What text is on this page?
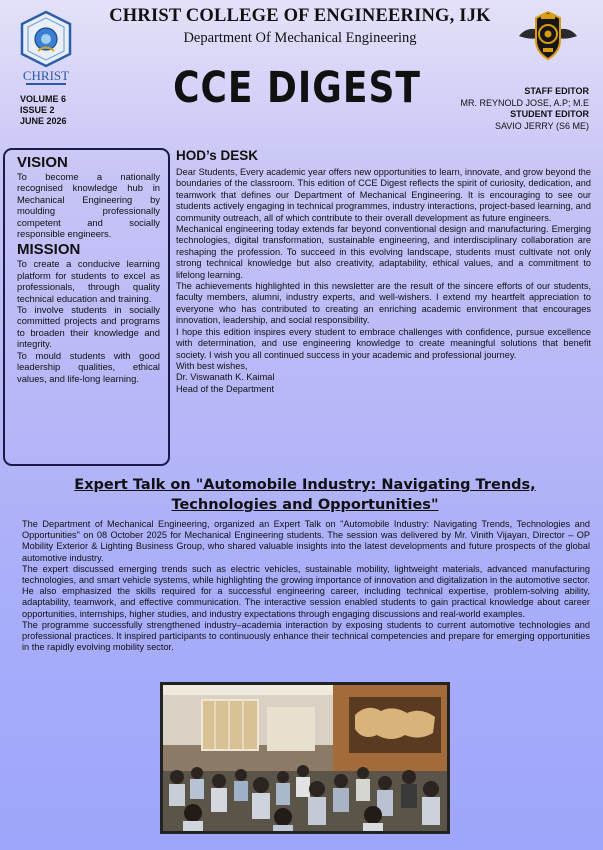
CHRIST
CHRIST COLLEGE OF ENGINEERING, IJK
Department Of Mechanical Engineering
VOLUME 6
ISSUE 2
JUNE 2026
CCE DIGEST	STAFF EDITOR
MR. REYNOLD JOSE, A.P; M.E
STUDENT EDITOR
SAVIO JERRY (S6 ME)
VISION

To become a nationally recognised knowledge hub in Mechanical Engineering by moulding professionally competent and socially responsible engineers.

MISSION

To create a conducive learning platform for students to excel as professionals, through quality technical education and training.

To involve students in socially committed projects and programs to broaden their knowledge and integrity.

To mould students with good leadership qualities, ethical values, and life-long learning.

HOD’s DESK

Dear Students, Every academic year offers new opportunities to learn, innovate, and grow beyond the boundaries of the classroom. This edition of CCE Digest reflects the spirit of curiosity, dedication, and teamwork that defines our Department of Mechanical Engineering. It is encouraging to see our students actively engaging in technical programmes, industry interactions, project-based learning, and community outreach, all of which contribute to their overall development as future engineers.

Mechanical engineering today extends far beyond conventional design and manufacturing. Emerging technologies, digital transformation, sustainable engineering, and interdisciplinary collaboration are reshaping the profession. To succeed in this evolving landscape, students must cultivate not only strong technical knowledge but also creativity, adaptability, ethical values, and a commitment to lifelong learning.

The achievements highlighted in this newsletter are the result of the sincere efforts of our students, faculty members, alumni, industry experts, and well-wishers. I extend my heartfelt appreciation to everyone who has contributed to creating an enriching academic environment that encourages innovation, leadership, and social responsibility.

I hope this edition inspires every student to embrace challenges with confidence, pursue excellence with determination, and use engineering knowledge to create meaningful solutions that benefit society. I wish you all continued success in your academic and professional journey.

With best wishes,

Dr. Viswanath K. Kaimal

Head of the Department

Expert Talk on "Automobile Industry: Navigating Trends, Technologies and Opportunities"

The Department of Mechanical Engineering, organized an Expert Talk on "Automobile Industry: Navigating Trends, Technologies and Opportunities" on 08 October 2025 for Mechanical Engineering students. The session was delivered by Mr. Vinith Vijayan, Director – OP Mobility Exterior & Lighting Business Group, who shared valuable insights into the latest developments and future prospects of the global automotive industry.

The expert discussed emerging trends such as electric vehicles, sustainable mobility, lightweight materials, advanced manufacturing technologies, and smart vehicle systems, while highlighting the growing importance of innovation and digitalization in the automotive sector. He also emphasized the skills required for a successful engineering career, including technical expertise, problem-solving ability, adaptability, teamwork, and effective communication. The interactive session enabled students to gain practical knowledge about career opportunities, internships, higher studies, and industry expectations through engaging discussions and real-world examples.

The programme successfully strengthened industry–academia interaction by exposing students to current automotive technologies and professional practices. It inspired participants to continuously enhance their technical competencies and prepare for emerging opportunities in the rapidly evolving mobility sector.
